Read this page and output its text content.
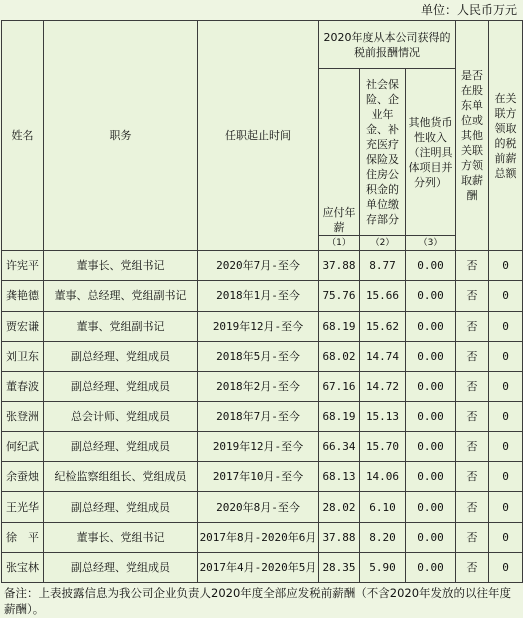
单位：人民币万元
姓名	职务	任职起止时间	2020年度从本公司获得的税前报酬情况			是否在股东单位或其他关联方领取薪酬	在关联方领取的税前薪总额
			应付年薪	社会保险、企业年金、补充医疗保险及住房公积金的单位缴存部分	其他货币性收入（注明具体项目并分列）		
			（1）	（2）	（3）		
许宪平	董事长、党组书记	2020年7月-至今	37.88	8.77	0.00	否	0
龚艳德	董事、总经理、党组副书记	2018年1月-至今	75.76	15.66	0.00	否	0
贾宏谦	董事、党组副书记	2019年12月-至今	68.19	15.62	0.00	否	0
刘卫东	副总经理、党组成员	2018年5月-至今	68.02	14.74	0.00	否	0
董春波	副总经理、党组成员	2018年2月-至今	67.16	14.72	0.00	否	0
张登洲	总会计师、党组成员	2018年7月-至今	68.19	15.13	0.00	否	0
何纪武	副总经理、党组成员	2019年12月-至今	66.34	15.70	0.00	否	0
余蚕烛	纪检监察组组长、党组成员	2017年10月-至今	68.13	14.06	0.00	否	0
王光华	副总经理、党组成员	2020年8月-至今	28.02	6.10	0.00	否	0
徐　平	董事长、党组书记	2017年8月-2020年6月	37.88	8.20	0.00	否	0
张宝林	副总经理、党组成员	2017年4月-2020年5月	28.35	5.90	0.00	否	0
备注：上表披露信息为我公司企业负责人2020年度全部应发税前薪酬（不含2020年发放的以往年度薪酬）。
